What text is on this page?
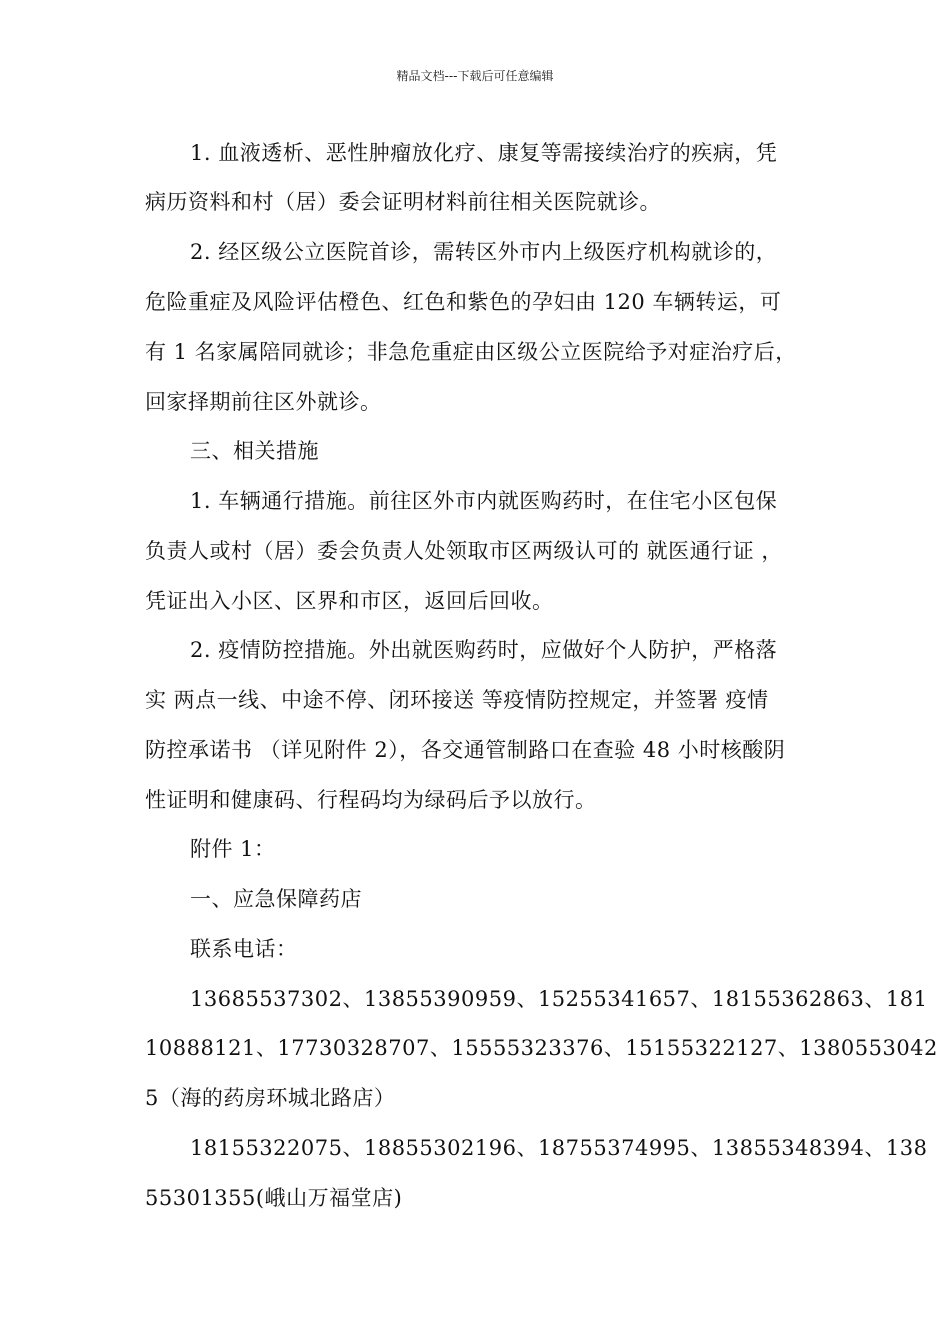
精品文档---下载后可任意编辑
1. 血液透析、恶性肿瘤放化疗、康复等需接续治疗的疾病，凭
病历资料和村（居）委会证明材料前往相关医院就诊。
2. 经区级公立医院首诊，需转区外市内上级医疗机构就诊的，
危险重症及风险评估橙色、红色和紫色的孕妇由 120 车辆转运，可
有 1 名家属陪同就诊；非急危重症由区级公立医院给予对症治疗后，
回家择期前往区外就诊。
三、相关措施
1. 车辆通行措施。前往区外市内就医购药时，在住宅小区包保
负责人或村（居）委会负责人处领取市区两级认可的 就医通行证 ，
凭证出入小区、区界和市区，返回后回收。
2. 疫情防控措施。外出就医购药时，应做好个人防护，严格落
实 两点一线、中途不停、闭环接送 等疫情防控规定，并签署 疫情
防控承诺书 （详见附件 2），各交通管制路口在查验 48 小时核酸阴
性证明和健康码、行程码均为绿码后予以放行。
附件 1：
一、应急保障药店
联系电话：
13685537302、13855390959、15255341657、18155362863、181
10888121、17730328707、15555323376、15155322127、1380553042
5（海的药房环城北路店）
18155322075、18855302196、18755374995、13855348394、138
55301355(峨山万福堂店)
